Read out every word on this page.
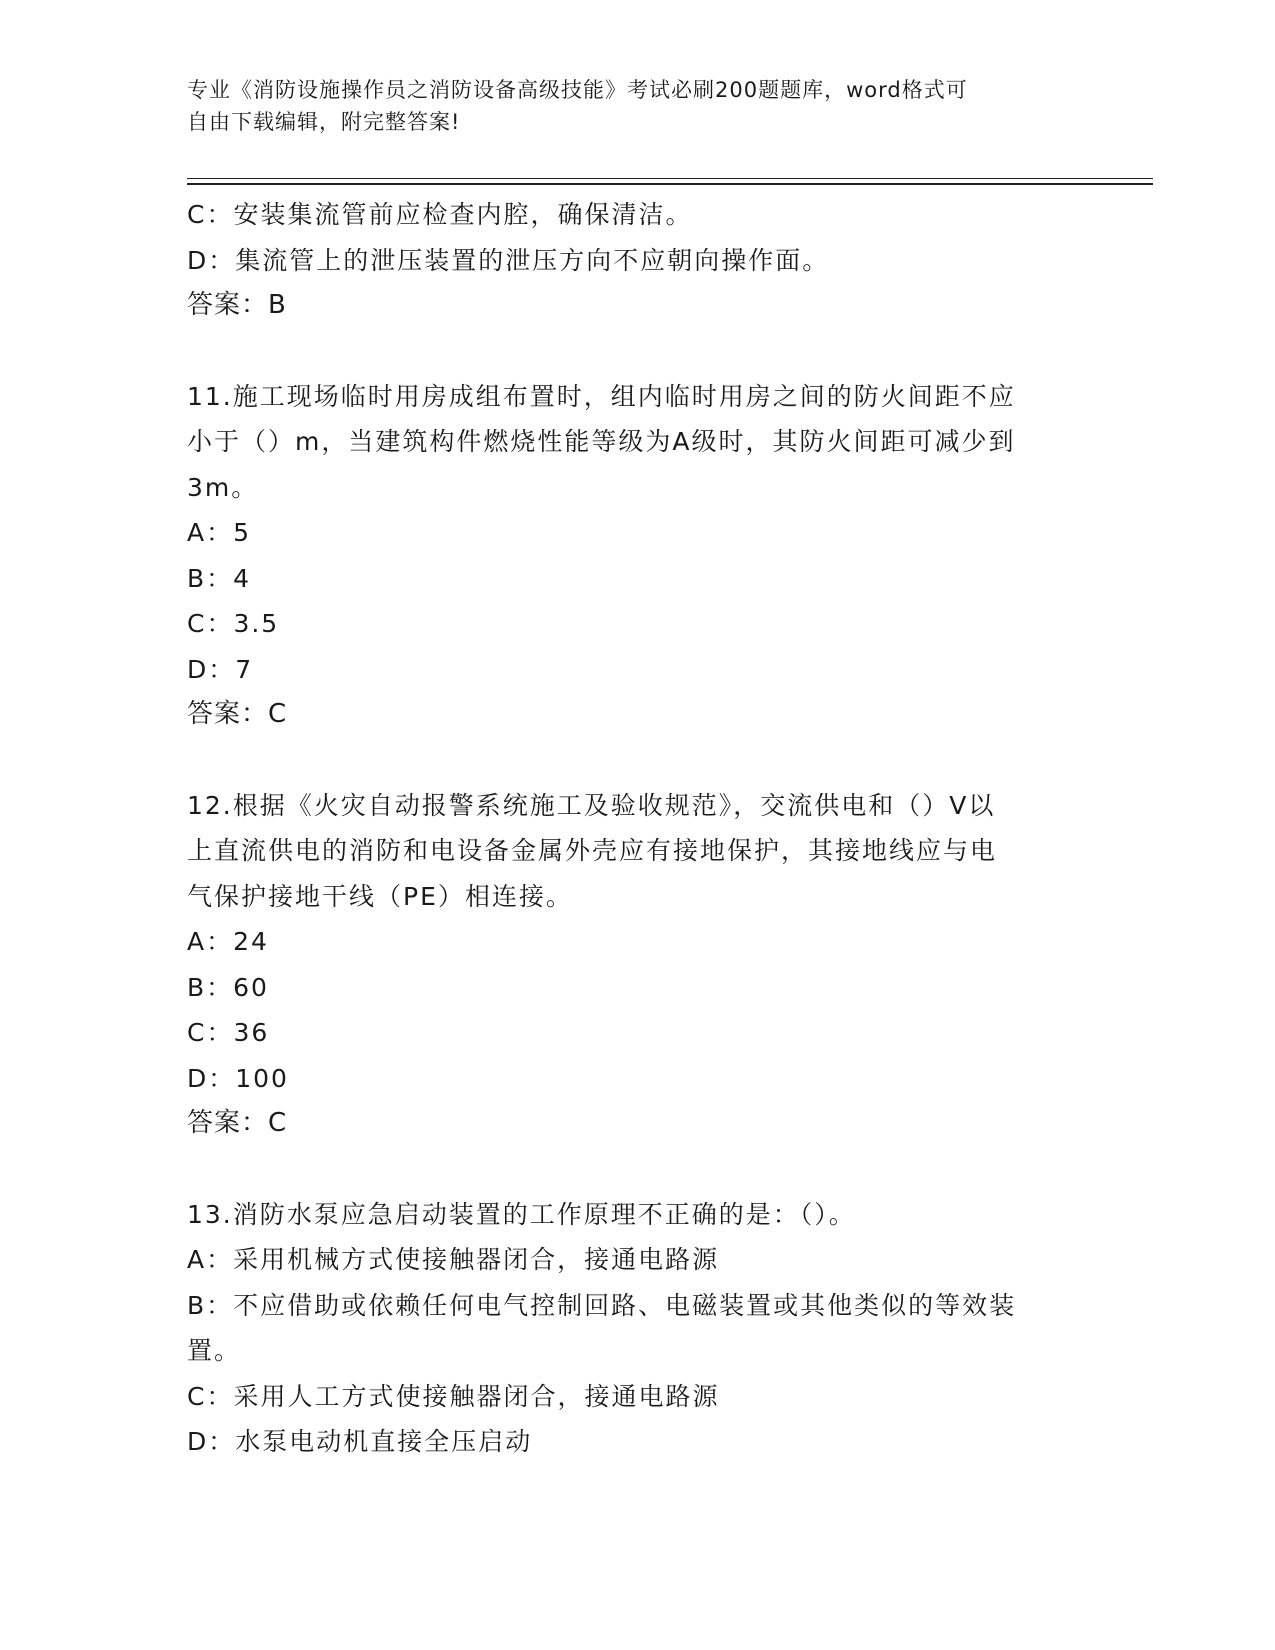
专业《消防设施操作员之消防设备高级技能》考试必刷200题题库，word格式可
自由下载编辑，附完整答案!
C：安装集流管前应检查内腔，确保清洁。
D：集流管上的泄压装置的泄压方向不应朝向操作面。
答案：B
11.施工现场临时用房成组布置时，组内临时用房之间的防火间距不应
小于（）m，当建筑构件燃烧性能等级为A级时，其防火间距可减少到
3m。
A：5
B：4
C：3.5
D：7
答案：C
12.根据《火灾自动报警系统施工及验收规范》，交流供电和（）V以
上直流供电的消防和电设备金属外壳应有接地保护，其接地线应与电
气保护接地干线（PE）相连接。
A：24
B：60
C：36
D：100
答案：C
13.消防水泵应急启动装置的工作原理不正确的是：（）。
A：采用机械方式使接触器闭合，接通电路源
B：不应借助或依赖任何电气控制回路、电磁装置或其他类似的等效装
置。
C：采用人工方式使接触器闭合，接通电路源
D：水泵电动机直接全压启动
